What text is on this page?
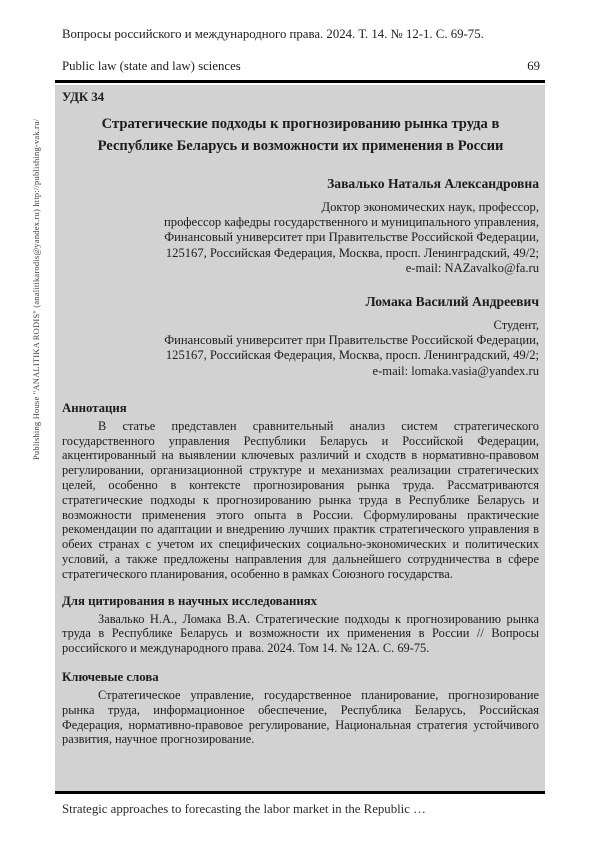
Publishing House "ANALITIKA RODIS" (analitikarodis@yandex.ru) http://publishing-vak.ru/
Вопросы российского и международного права. 2024. Т. 14. № 12-1. С. 69-75.
Public law (state and law) sciences	69
УДК 34
Стратегические подходы к прогнозированию рынка труда в Республике Беларусь и возможности их применения в России
Завалько Наталья Александровна
Доктор экономических наук, профессор,
профессор кафедры государственного и муниципального управления,
Финансовый университет при Правительстве Российской Федерации,
125167, Российская Федерация, Москва, просп. Ленинградский, 49/2;
e-mail: NAZavalko@fa.ru
Ломака Василий Андреевич
Студент,
Финансовый университет при Правительстве Российской Федерации,
125167, Российская Федерация, Москва, просп. Ленинградский, 49/2;
e-mail: lomaka.vasia@yandex.ru
Аннотация

В статье представлен сравнительный анализ систем стратегического государственного управления Республики Беларусь и Российской Федерации, акцентированный на выявлении ключевых различий и сходств в нормативно-правовом регулировании, организационной структуре и механизмах реализации стратегических целей, особенно в контексте прогнозирования рынка труда. Рассматриваются стратегические подходы к прогнозированию рынка труда в Республике Беларусь и возможности применения этого опыта в России. Сформулированы практические рекомендации по адаптации и внедрению лучших практик стратегического управления в обеих странах с учетом их специфических социально-экономических и политических условий, а также предложены направления для дальнейшего сотрудничества в сфере стратегического планирования, особенно в рамках Союзного государства.

Для цитирования в научных исследованиях

Завалько Н.А., Ломака В.А. Стратегические подходы к прогнозированию рынка труда в Республике Беларусь и возможности их применения в России // Вопросы российского и международного права. 2024. Том 14. № 12А. С. 69-75.

Ключевые слова

Стратегическое управление, государственное планирование, прогнозирование рынка труда, информационное обеспечение, Республика Беларусь, Российская Федерация, нормативно-правовое регулирование, Национальная стратегия устойчивого развития, научное прогнозирование.

Strategic approaches to forecasting the labor market in the Republic …
